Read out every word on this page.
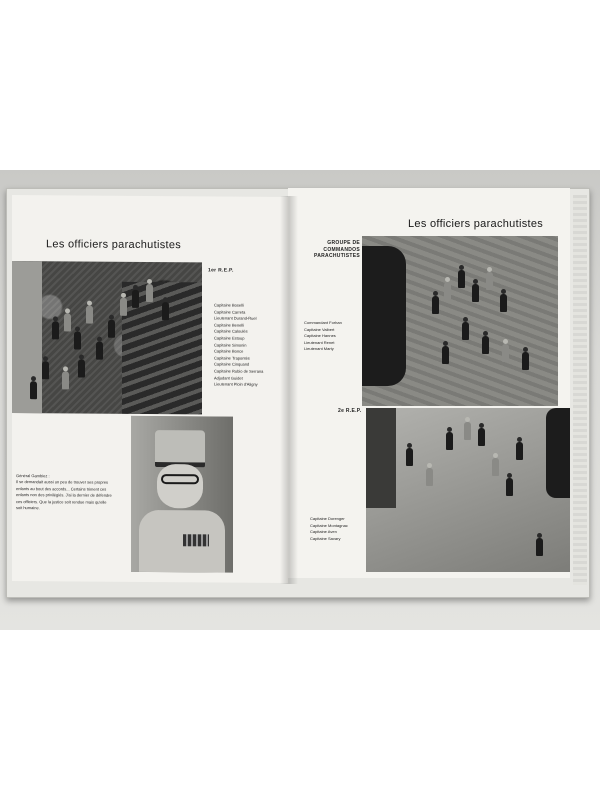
Les officiers parachutistes
1er R.E.P.
Capitaine Boselli
Capitaine Carreta
Lieutenant Durand-Ruel
Capitaine Benelli
Capitaine Caloulès
Capitaine Estoup
Capitaine Simonin
Capitaine Bonce
Capitaine Trapontès
Capitaine Cinquand
Capitaine Rubio de Serrana
Adjudant Guidet
Lieutenant Ploin d'Aligny
Général Gambiez :
Il se demandait aussi un peu de trouver ses propres
enfants au bout des accords... Certains triment ces
enfants non des privilégiés. J'ai la dernier de défendre
ces officiers. Que la justice soit rendue mais qu'elle
soit humaine.
Les officiers parachutistes
GROUPE DE
COMMANDOS
PARACHUTISTES
Commandant Forhan
Capitaine Valbert
Capitaine Hannes
Lieutenant Renet
Lieutenant Marty
2e R.E.P.
Capitaine Dorenger
Capitaine Montagnac
Capitaine Aven
Capitaine Savary
